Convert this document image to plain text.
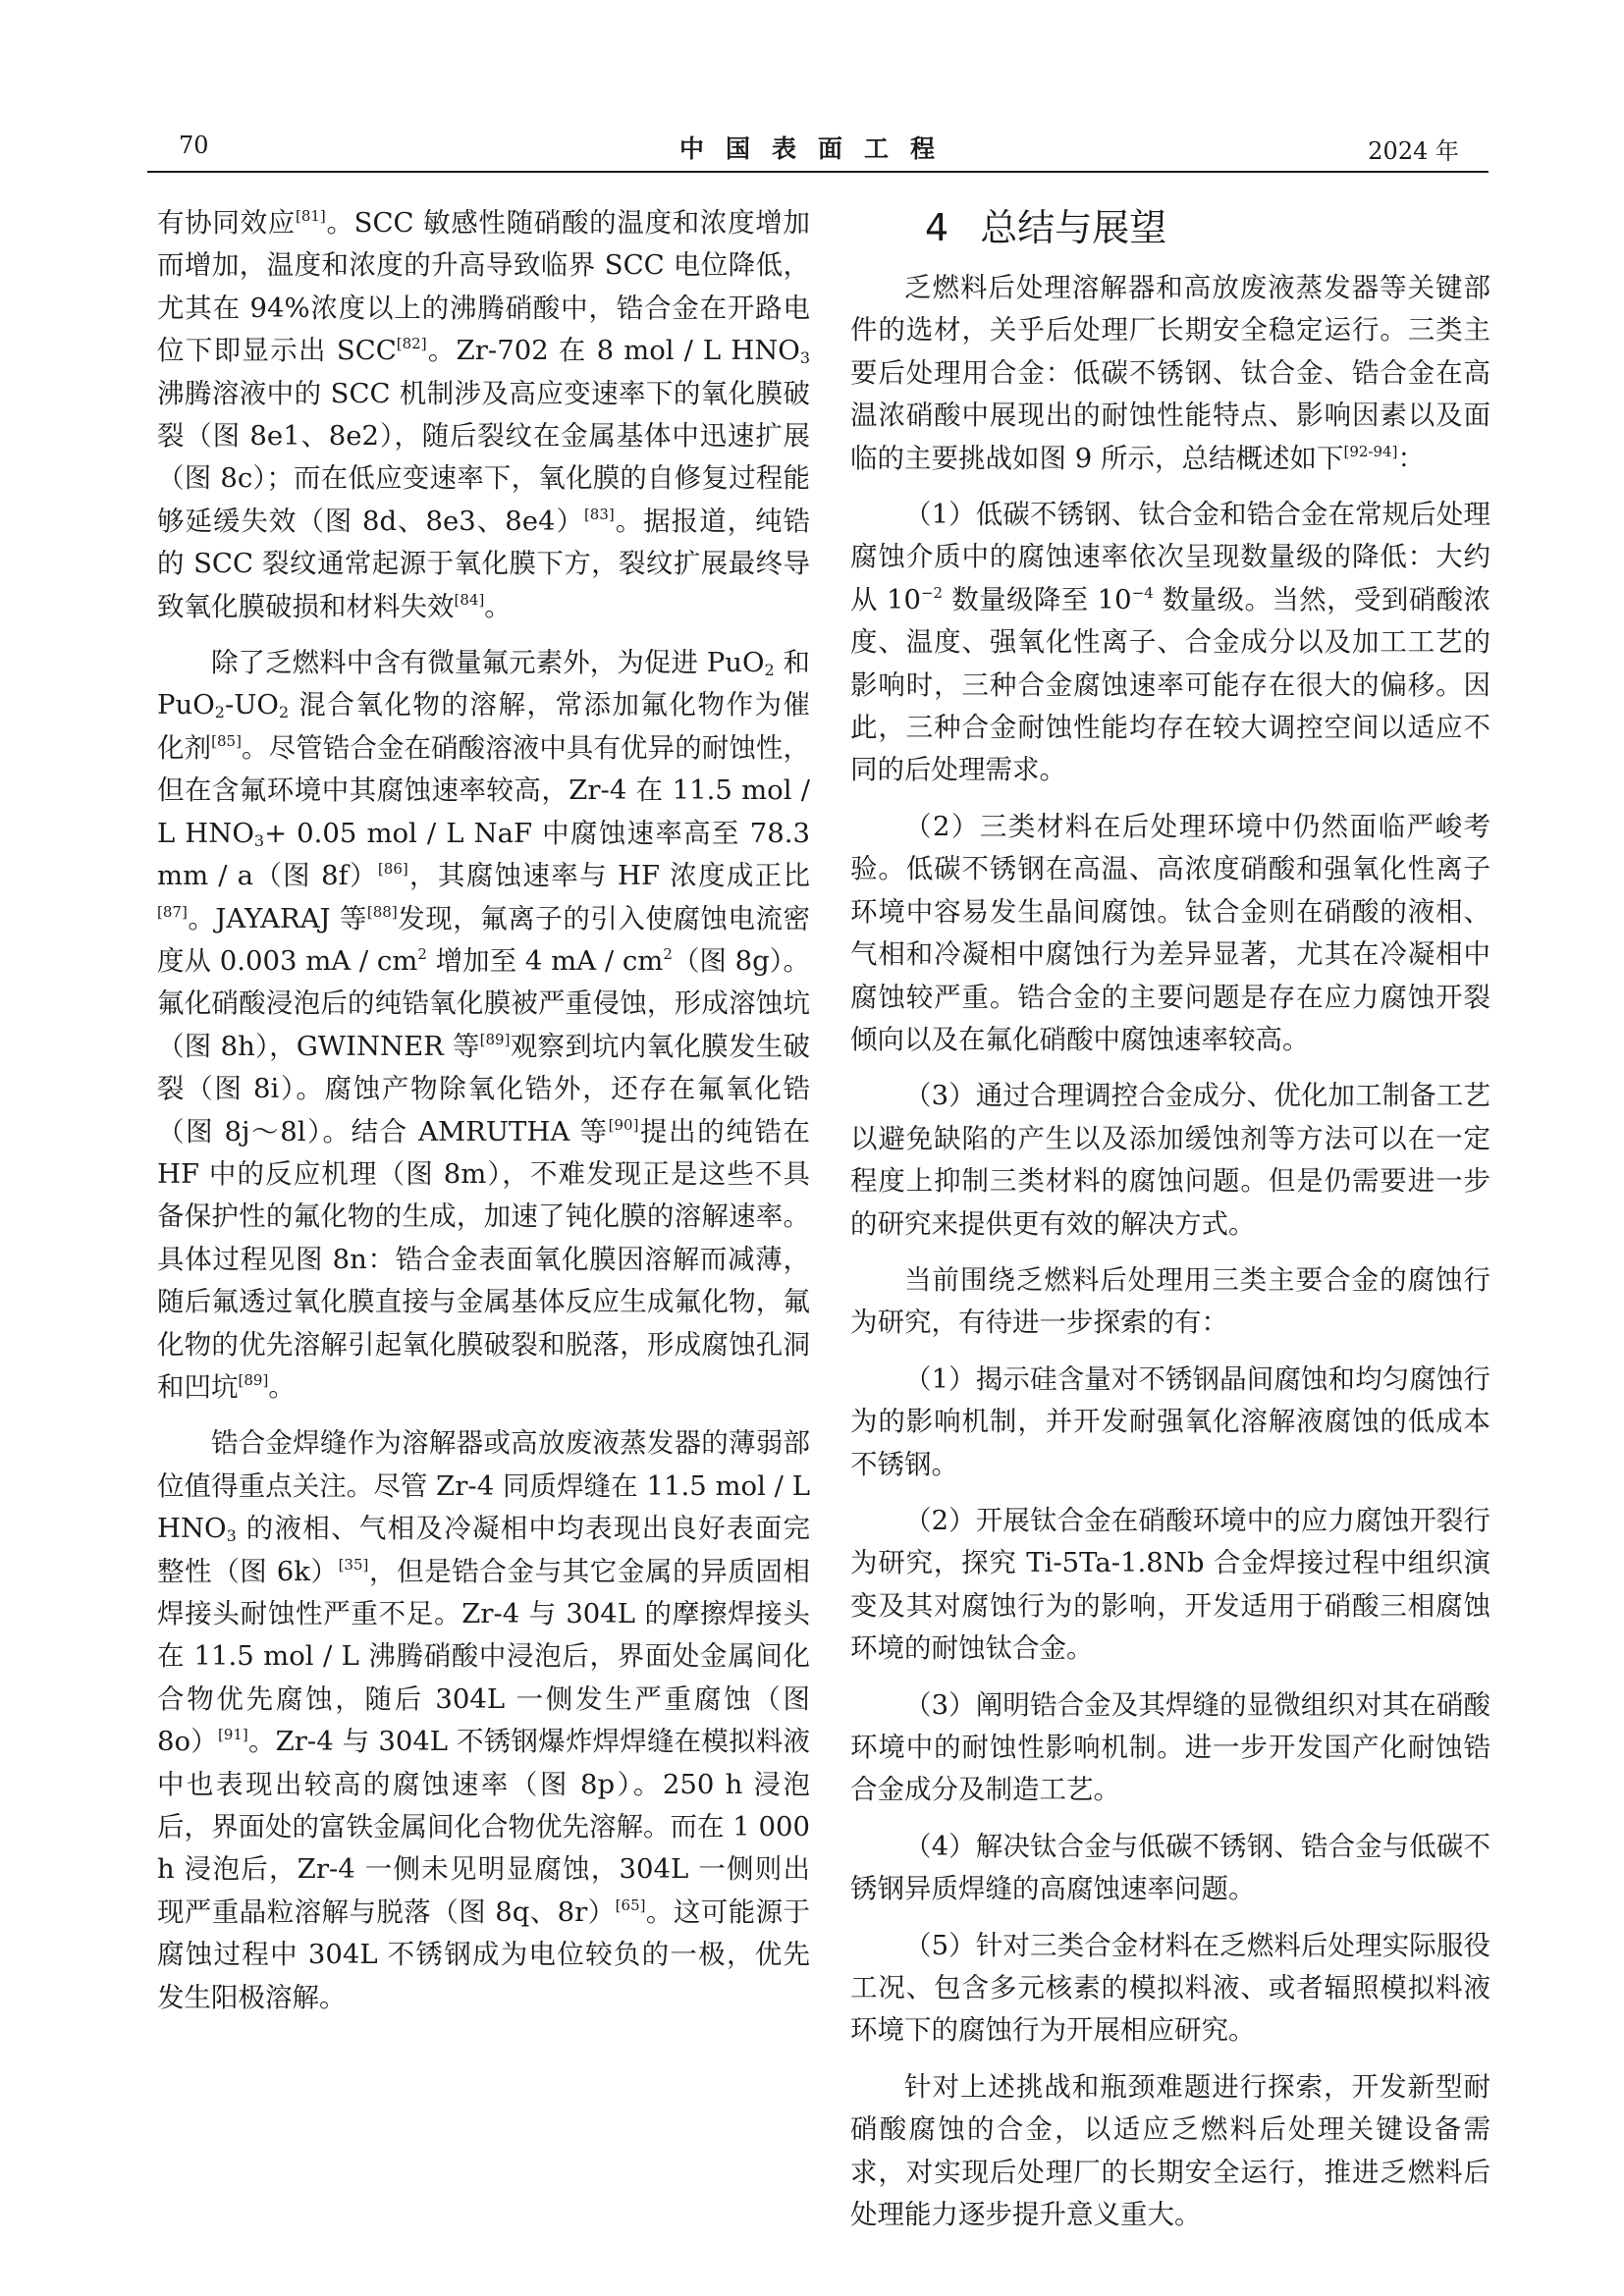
70	中国表面工程	2024 年

有协同效应[81]。SCC 敏感性随硝酸的温度和浓度增加而增加，温度和浓度的升高导致临界 SCC 电位降低，尤其在 94%浓度以上的沸腾硝酸中，锆合金在开路电位下即显示出 SCC[82]。Zr-702 在 8 mol / L $HNO_3$ 沸腾溶液中的 SCC 机制涉及高应变速率下的氧化膜破裂（图 8e1、8e2），随后裂纹在金属基体中迅速扩展（图 8c）；而在低应变速率下，氧化膜的自修复过程能够延缓失效（图 8d、8e3、8e4）[83]。据报道，纯锆的 SCC 裂纹通常起源于氧化膜下方，裂纹扩展最终导致氧化膜破损和材料失效[84]。

除了乏燃料中含有微量氟元素外，为促进 PuO$_2$ 和 $PuO_2-UO_2$ 混合氧化物的溶解，常添加氟化物作为催化剂[85]。尽管锆合金在硝酸溶液中具有优异的耐蚀性，但在含氟环境中其腐蚀速率较高，Zr-4 在 11.5 mol / L $HNO_3+ 0.05$ mol / L NaF 中腐蚀速率高至 78.3 mm / a（图 8f）[86]，其腐蚀速率与 HF 浓度成正比[87]。JAYARAJ 等[88]发现，氟离子的引入使腐蚀电流密度从 0.003 mA / $cm^2$ 增加至 4 mA / $cm^2$（图 8g）。氟化硝酸浸泡后的纯锆氧化膜被严重侵蚀，形成溶蚀坑（图 8h），GWINNER 等[89]观察到坑内氧化膜发生破裂（图 8i）。腐蚀产物除氧化锆外，还存在氟氧化锆（图 8j～8l）。结合 AMRUTHA 等[90]提出的纯锆在 HF 中的反应机理（图 8m），不难发现正是这些不具备保护性的氟化物的生成，加速了钝化膜的溶解速率。具体过程见图 8n：锆合金表面氧化膜因溶解而减薄，随后氟透过氧化膜直接与金属基体反应生成氟化物，氟化物的优先溶解引起氧化膜破裂和脱落，形成腐蚀孔洞和凹坑[89]。

锆合金焊缝作为溶解器或高放废液蒸发器的薄弱部位值得重点关注。尽管 Zr-4 同质焊缝在 11.5 mol / L $HNO_3$ 的液相、气相及冷凝相中均表现出良好表面完整性（图 6k）[35]，但是锆合金与其它金属的异质固相焊接头耐蚀性严重不足。Zr-4 与 304L 的摩擦焊接头在 11.5 mol / L 沸腾硝酸中浸泡后，界面处金属间化合物优先腐蚀，随后 304L 一侧发生严重腐蚀（图 8o）[91]。Zr-4 与 304L 不锈钢爆炸焊焊缝在模拟料液中也表现出较高的腐蚀速率（图 8p）。250 h 浸泡后，界面处的富铁金属间化合物优先溶解。而在 1 000 h 浸泡后，Zr-4 一侧未见明显腐蚀，304L 一侧则出现严重晶粒溶解与脱落（图 8q、8r）[65]。这可能源于腐蚀过程中 304L 不锈钢成为电位较负的一极，优先发生阳极溶解。

4 总结与展望

乏燃料后处理溶解器和高放废液蒸发器等关键部件的选材，关乎后处理厂长期安全稳定运行。三类主要后处理用合金：低碳不锈钢、钛合金、锆合金在高温浓硝酸中展现出的耐蚀性能特点、影响因素以及面临的主要挑战如图 9 所示，总结概述如下[92-94]：

（1）低碳不锈钢、钛合金和锆合金在常规后处理腐蚀介质中的腐蚀速率依次呈现数量级的降低：大约从 $10^{-2}$ 数量级降至 $10^{-4}$ 数量级。当然，受到硝酸浓度、温度、强氧化性离子、合金成分以及加工工艺的影响时，三种合金腐蚀速率可能存在很大的偏移。因此，三种合金耐蚀性能均存在较大调控空间以适应不同的后处理需求。

（2）三类材料在后处理环境中仍然面临严峻考验。低碳不锈钢在高温、高浓度硝酸和强氧化性离子环境中容易发生晶间腐蚀。钛合金则在硝酸的液相、气相和冷凝相中腐蚀行为差异显著，尤其在冷凝相中腐蚀较严重。锆合金的主要问题是存在应力腐蚀开裂倾向以及在氟化硝酸中腐蚀速率较高。

（3）通过合理调控合金成分、优化加工制备工艺以避免缺陷的产生以及添加缓蚀剂等方法可以在一定程度上抑制三类材料的腐蚀问题。但是仍需要进一步的研究来提供更有效的解决方式。

当前围绕乏燃料后处理用三类主要合金的腐蚀行为研究，有待进一步探索的有：

（1）揭示硅含量对不锈钢晶间腐蚀和均匀腐蚀行为的影响机制，并开发耐强氧化溶解液腐蚀的低成本不锈钢。

（2）开展钛合金在硝酸环境中的应力腐蚀开裂行为研究，探究 Ti-5Ta-1.8Nb 合金焊接过程中组织演变及其对腐蚀行为的影响，开发适用于硝酸三相腐蚀环境的耐蚀钛合金。

（3）阐明锆合金及其焊缝的显微组织对其在硝酸环境中的耐蚀性影响机制。进一步开发国产化耐蚀锆合金成分及制造工艺。

（4）解决钛合金与低碳不锈钢、锆合金与低碳不锈钢异质焊缝的高腐蚀速率问题。

（5）针对三类合金材料在乏燃料后处理实际服役工况、包含多元核素的模拟料液、或者辐照模拟料液环境下的腐蚀行为开展相应研究。

针对上述挑战和瓶颈难题进行探索，开发新型耐硝酸腐蚀的合金，以适应乏燃料后处理关键设备需求，对实现后处理厂的长期安全运行，推进乏燃料后处理能力逐步提升意义重大。
